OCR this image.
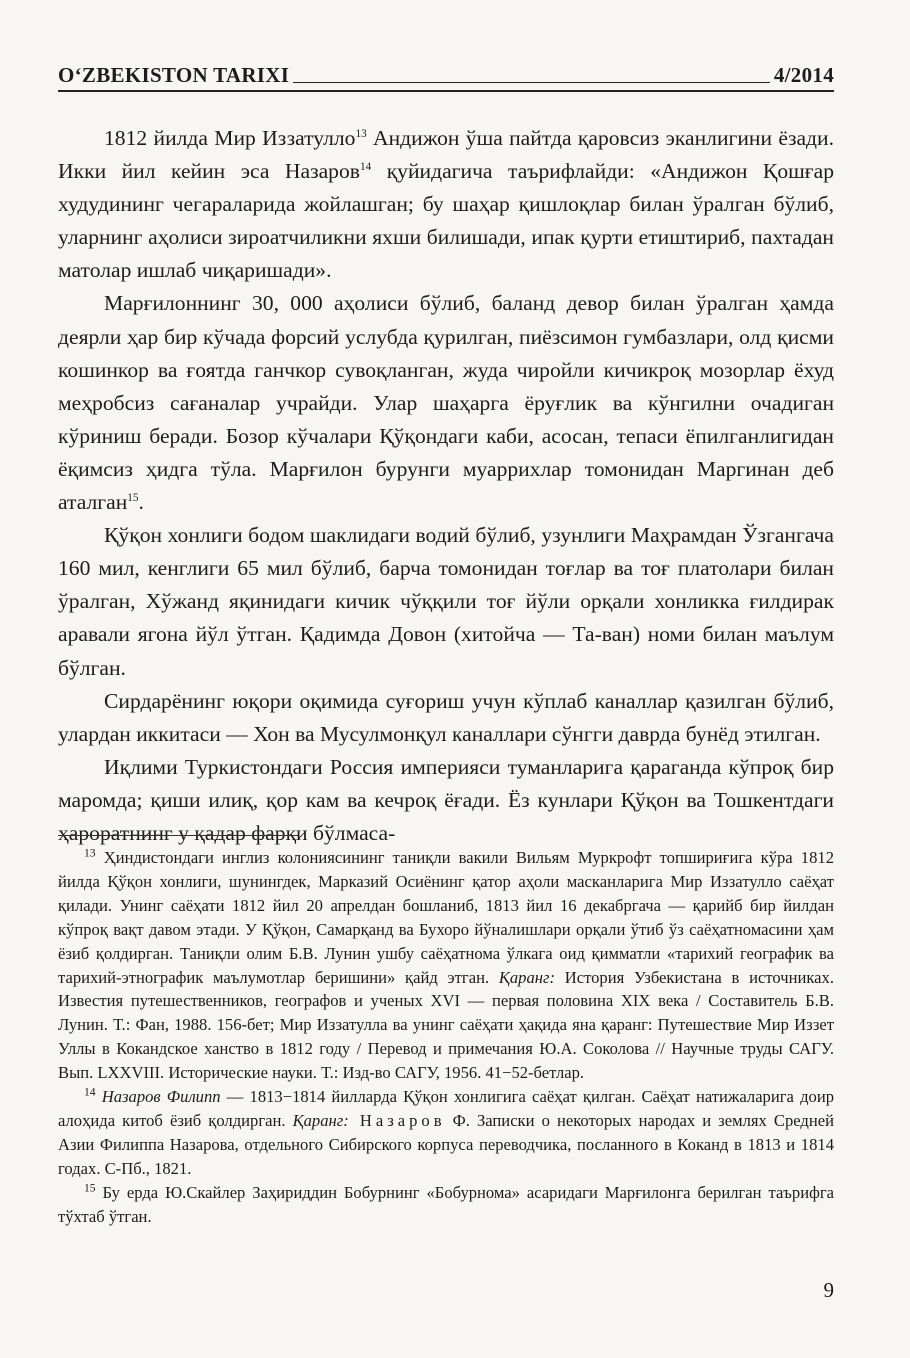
O‘ZBEKISTON TARIXI	4/2014

1812 йилда Мир Иззатулло$^{13}$ Андижон ўша пайтда қаровсиз эканлигини ёзади. Икки йил кейин эса Назаров$^{14}$ қуйидагича таърифлайди: «Андижон Қошғар худудининг чегараларида жойлашган; бу шаҳар қишлоқлар билан ўралган бўлиб, уларнинг аҳолиси зироатчиликни яхши билишади, ипак қурти етиштириб, пахтадан матолар ишлаб чиқаришади».

Марғилоннинг 30, 000 аҳолиси бўлиб, баланд девор билан ўралган ҳамда деярли ҳар бир кўчада форсий услубда қурилган, пиёзсимон гумбазлари, олд қисми кошинкор ва ғоятда ганчкор сувоқланган, жуда чиройли кичикроқ мозорлар ёхуд меҳробсиз сағаналар учрайди. Улар шаҳарга ёруғлик ва кўнгилни очадиган кўриниш беради. Бозор кўчалари Қўқондаги каби, асосан, тепаси ёпилганлигидан ёқимсиз ҳидга тўла. Марғилон бурунги муаррихлар томонидан Маргинан деб аталган$^{15}$.

Қўқон хонлиги бодом шаклидаги водий бўлиб, узунлиги Маҳрамдан Ўзгангача 160 мил, кенглиги 65 мил бўлиб, барча томонидан тоғлар ва тоғ платолари билан ўралган, Хўжанд яқинидаги кичик чўққили тоғ йўли орқали хонликка ғилдирак аравали ягона йўл ўтган. Қадимда Довон (хитойча — Та-ван) номи билан маълум бўлган.

Сирдарёнинг юқори оқимида суғориш учун кўплаб каналлар қазилган бўлиб, улардан иккитаси — Хон ва Мусулмонқул каналлари сўнгги даврда бунёд этилган.

Иқлими Туркистондаги Россия империяси туманларига қараганда кўпроқ бир маромда; қиши илиқ, қор кам ва кечроқ ёғади. Ёз кунлари Қўқон ва Тошкентдаги ҳароратнинг у қадар фарқи бўлмаса-

$^{13}$ Ҳиндистондаги инглиз колониясининг таниқли вакили Вильям Муркрофт топшириғига кўра 1812 йилда Қўқон хонлиги, шунингдек, Марказий Осиёнинг қатор аҳоли масканларига Мир Иззатулло саёҳат қилади. Унинг саёҳати 1812 йил 20 апрелдан бошланиб, 1813 йил 16 декабргача — қарийб бир йилдан кўпроқ вақт давом этади. У Қўқон, Самарқанд ва Бухоро йўналишлари орқали ўтиб ўз саёҳатномасини ҳам ёзиб қолдирган. Таниқли олим Б.В. Лунин ушбу саёҳатнома ўлкага оид қимматли «тарихий географик ва тарихий-этнографик маълумотлар беришини» қайд этган. Қаранг: История Узбекистана в источниках. Известия путешественников, географов и ученых XVI — первая половина XIX века / Составитель Б.В. Лунин. Т.: Фан, 1988. 156-бет; Мир Иззатулла ва унинг саёҳати ҳақида яна қаранг: Путешествие Мир Иззет Уллы в Кокандское ханство в 1812 году / Перевод и примечания Ю.А. Соколова // Научные труды САГУ. Вып. LXXVIII. Исторические науки. Т.: Изд-во САГУ, 1956. 41−52-бетлар.

$^{14}$ Назаров Филипп — 1813−1814 йилларда Қўқон хонлигига саёҳат қилган. Саёҳат натижаларига доир алоҳида китоб ёзиб қолдирган. Қаранг: Назаров Ф. Записки о некоторых народах и землях Средней Азии Филиппа Назарова, отдельного Сибирского корпуса переводчика, посланного в Коканд в 1813 и 1814 годах. С-Пб., 1821.

$^{15}$ Бу ерда Ю.Скайлер Заҳириддин Бобурнинг «Бобурнома» асаридаги Марғилонга берилган таърифга тўхтаб ўтган.

9
